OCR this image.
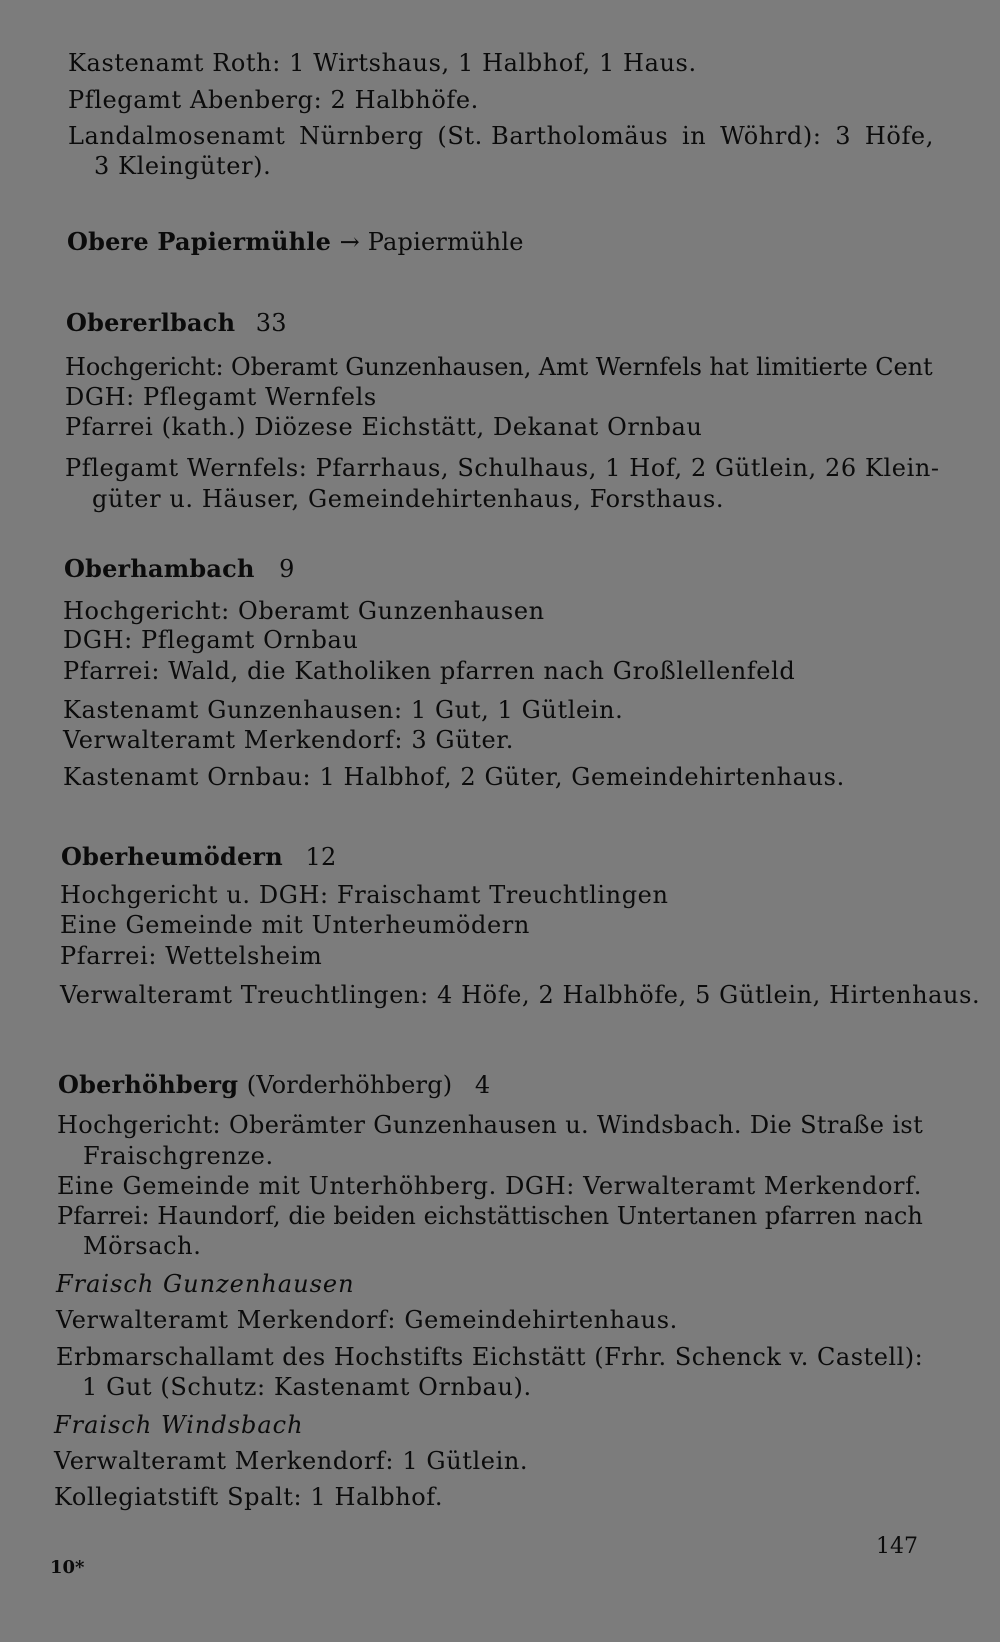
Kastenamt Roth: 1 Wirtshaus, 1 Halbhof, 1 Haus.
Pflegamt Abenberg: 2 Halbhöfe.
Landalmosenamt Nürnberg (St. Bartholomäus in Wöhrd): 3 Höfe,
3 Kleingüter).
Obere Papiermühle → Papiermühle
Obererlbach 33
Hochgericht: Oberamt Gunzenhausen, Amt Wernfels hat limitierte Cent
DGH: Pflegamt Wernfels
Pfarrei (kath.) Diözese Eichstätt, Dekanat Ornbau
Pflegamt Wernfels: Pfarrhaus, Schulhaus, 1 Hof, 2 Gütlein, 26 Klein-
güter u. Häuser, Gemeindehirtenhaus, Forsthaus.
Oberhambach 9
Hochgericht: Oberamt Gunzenhausen
DGH: Pflegamt Ornbau
Pfarrei: Wald, die Katholiken pfarren nach Großlellenfeld
Kastenamt Gunzenhausen: 1 Gut, 1 Gütlein.
Verwalteramt Merkendorf: 3 Güter.
Kastenamt Ornbau: 1 Halbhof, 2 Güter, Gemeindehirtenhaus.
Oberheumödern 12
Hochgericht u. DGH: Fraischamt Treuchtlingen
Eine Gemeinde mit Unterheumödern
Pfarrei: Wettelsheim
Verwalteramt Treuchtlingen: 4 Höfe, 2 Halbhöfe, 5 Gütlein, Hirtenhaus.
Oberhöhberg (Vorderhöhberg) 4
Hochgericht: Oberämter Gunzenhausen u. Windsbach. Die Straße ist
Fraischgrenze.
Eine Gemeinde mit Unterhöhberg. DGH: Verwalteramt Merkendorf.
Pfarrei: Haundorf, die beiden eichstättischen Untertanen pfarren nach
Mörsach.
Fraisch Gunzenhausen
Verwalteramt Merkendorf: Gemeindehirtenhaus.
Erbmarschallamt des Hochstifts Eichstätt (Frhr. Schenck v. Castell):
1 Gut (Schutz: Kastenamt Ornbau).
Fraisch Windsbach
Verwalteramt Merkendorf: 1 Gütlein.
Kollegiatstift Spalt: 1 Halbhof.
147
10*
